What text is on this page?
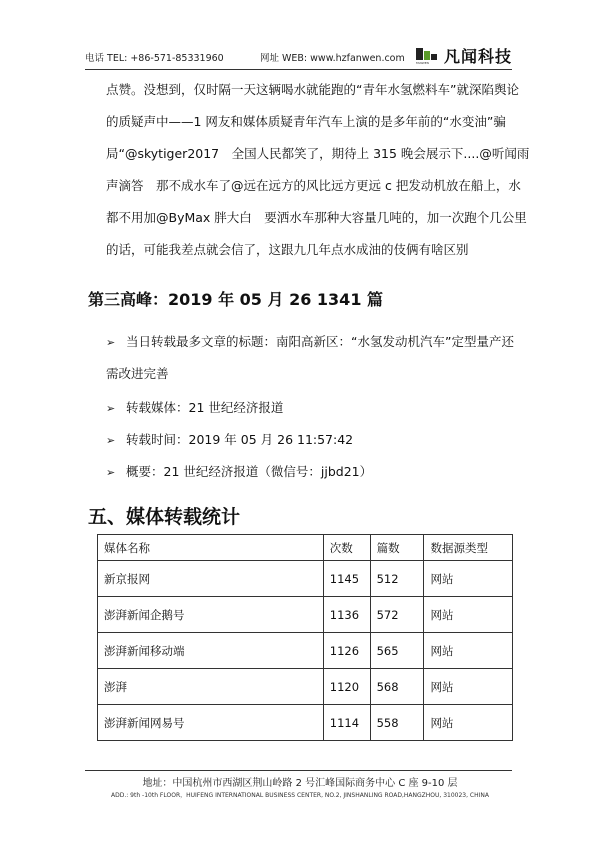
电话 TEL: +86-571-85331960	网址 WEB: www.hzfanwen.com	FANWEN 凡闻科技
点赞。没想到，仅时隔一天这辆喝水就能跑的“青年水氢燃料车”就深陷舆论
的质疑声中——1 网友和媒体质疑青年汽车上演的是多年前的“水变油”骗
局“@skytiger2017　全国人民都笑了，期待上 315 晚会展示下....@听闻雨
声滴答　那不成水车了@远在远方的风比远方更远 c 把发动机放在船上，水
都不用加@ByMax 胖大白　要洒水车那种大容量几吨的，加一次跑个几公里
的话，可能我差点就会信了，这跟九几年点水成油的伎俩有啥区别
第三高峰：2019 年 05 月 26 1341 篇
➢ 当日转载最多文章的标题：南阳高新区：“水氢发动机汽车”定型量产还
需改进完善
➢ 转载媒体：21 世纪经济报道
➢ 转载时间：2019 年 05 月 26 11:57:42
➢ 概要：21 世纪经济报道（微信号：jjbd21）
五、媒体转载统计
媒体名称	次数	篇数	数据源类型
新京报网	1145	512	网站
澎湃新闻企鹅号	1136	572	网站
澎湃新闻移动端	1126	565	网站
澎湃	1120	568	网站
澎湃新闻网易号	1114	558	网站
地址：中国杭州市西湖区荆山岭路 2 号汇峰国际商务中心 C 座 9-10 层
ADD.: 9th -10th FLOOR，HUIFENG INTERNATIONAL BUSINESS CENTER, NO.2, JINSHANLING ROAD,HANGZHOU, 310023, CHINA
